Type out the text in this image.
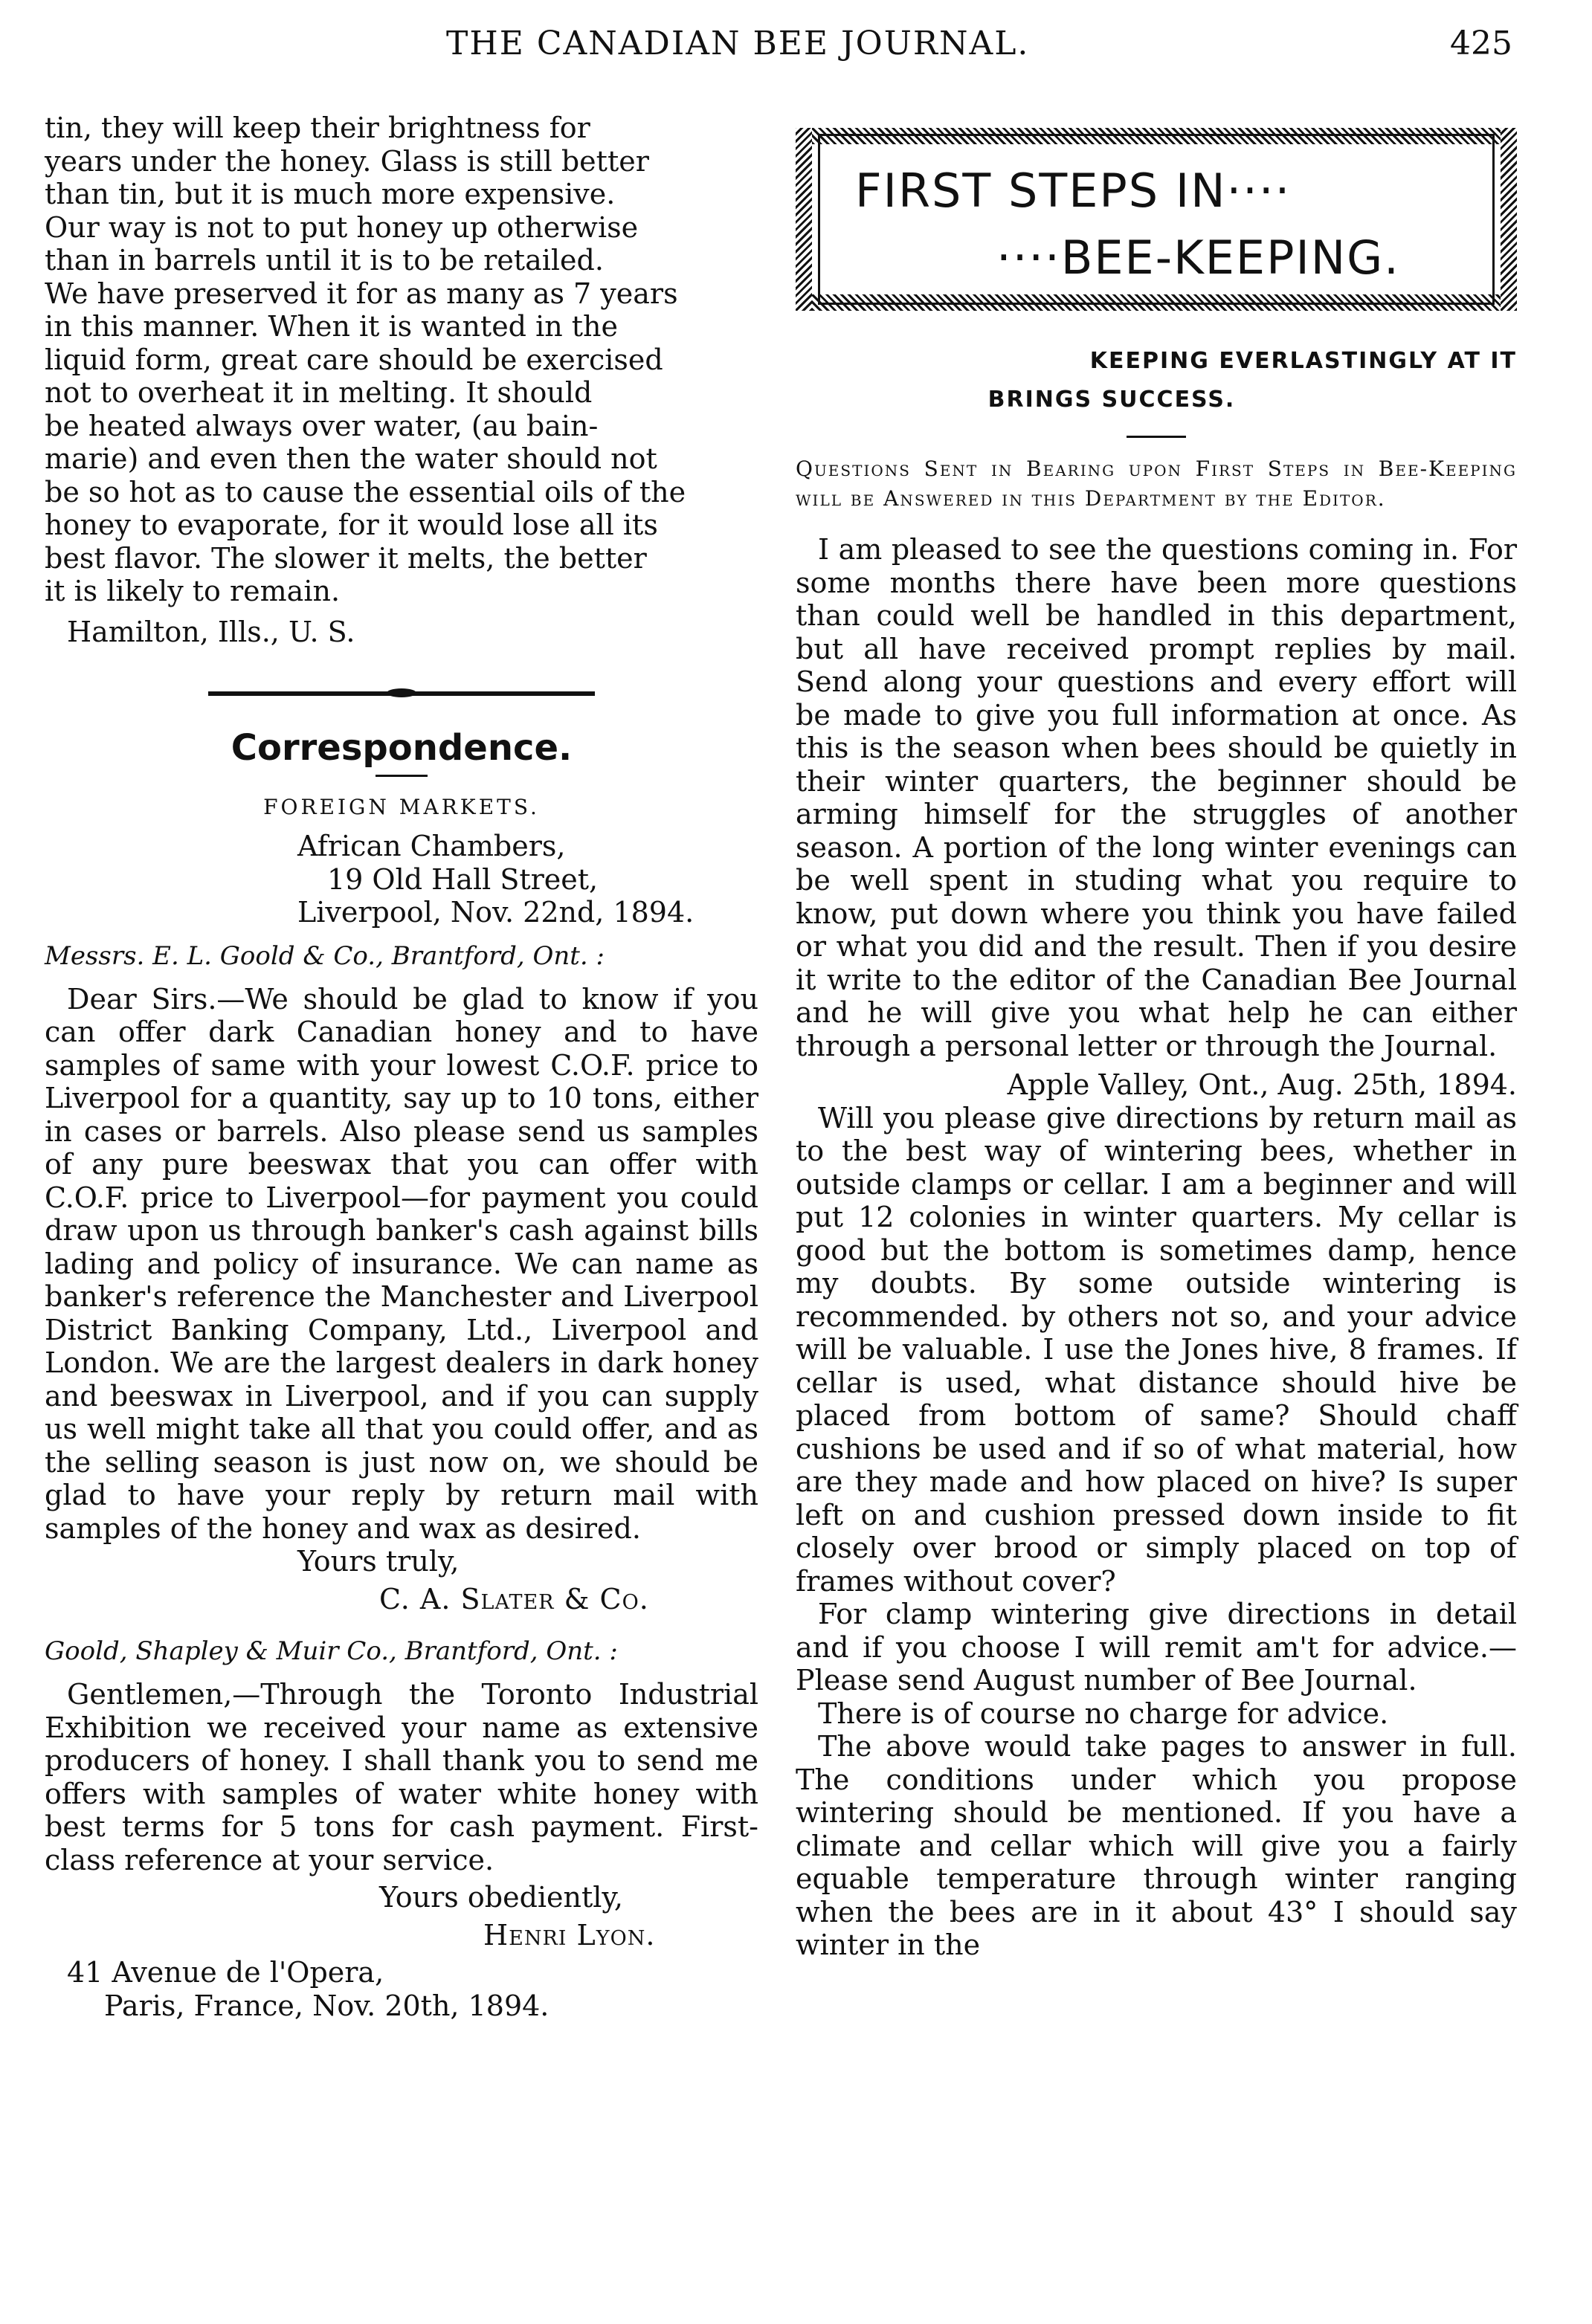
THE CANADIAN BEE JOURNAL.	425
tin, they will keep their brightness for
years under the honey. Glass is still better
than tin, but it is much more expensive.
Our way is not to put honey up otherwise
than in barrels until it is to be retailed.
We have preserved it for as many as 7 years
in this manner. When it is wanted in the
liquid form, great care should be exercised
not to overheat it in melting. It should
be heated always over water, (au bain-
marie) and even then the water should not
be so hot as to cause the essential oils of the
honey to evaporate, for it would lose all its
best flavor. The slower it melts, the better
it is likely to remain.
Hamilton, Ills., U. S.
Correspondence.
FOREIGN MARKETS.
African Chambers,
19 Old Hall Street,
Liverpool, Nov. 22nd, 1894.
Messrs. E. L. Goold & Co., Brantford, Ont. :

Dear Sirs.—We should be glad to know if you can offer dark Canadian honey and to have samples of same with your lowest C.O.F. price to Liverpool for a quantity, say up to 10 tons, either in cases or barrels. Also please send us samples of any pure beeswax that you can offer with C.O.F. price to Liverpool—for payment you could draw upon us through banker's cash against bills lading and policy of insurance. We can name as banker's reference the Manchester and Liverpool District Banking Company, Ltd., Liverpool and London. We are the largest dealers in dark honey and beeswax in Liverpool, and if you can supply us well might take all that you could offer, and as the selling season is just now on, we should be glad to have your reply by return mail with samples of the honey and wax as desired.

Yours truly,
C. A. Slater & Co.
Goold, Shapley & Muir Co., Brantford, Ont. :

Gentlemen,—Through the Toronto Industrial Exhibition we received your name as extensive producers of honey. I shall thank you to send me offers with samples of water white honey with best terms for 5 tons for cash payment. First-class reference at your service.

Yours obediently,
Henri Lyon.
41 Avenue de l'Opera,
Paris, France, Nov. 20th, 1894.
FIRST STEPS IN····
····BEE-KEEPING.

KEEPING EVERLASTINGLY AT IT

BRINGS SUCCESS.

Questions Sent in Bearing upon First Steps in Bee-Keeping will be Answered in this Department by the Editor.

I am pleased to see the questions coming in. For some months there have been more questions than could well be handled in this department, but all have received prompt replies by mail. Send along your questions and every effort will be made to give you full information at once. As this is the season when bees should be quietly in their winter quarters, the beginner should be arming himself for the struggles of another season. A portion of the long winter evenings can be well spent in studing what you require to know, put down where you think you have failed or what you did and the result. Then if you desire it write to the editor of the Canadian Bee Journal and he will give you what help he can either through a personal letter or through the Journal.

Apple Valley, Ont., Aug. 25th, 1894.

Will you please give directions by return mail as to the best way of wintering bees, whether in outside clamps or cellar. I am a beginner and will put 12 colonies in winter quarters. My cellar is good but the bottom is sometimes damp, hence my doubts. By some outside wintering is recommended. by others not so, and your advice will be valuable. I use the Jones hive, 8 frames. If cellar is used, what distance should hive be placed from bottom of same? Should chaff cushions be used and if so of what material, how are they made and how placed on hive? Is super left on and cushion pressed down inside to fit closely over brood or simply placed on top of frames without cover?

For clamp wintering give directions in detail and if you choose I will remit am't for advice.—Please send August number of Bee Journal.

There is of course no charge for advice.

The above would take pages to answer in full. The conditions under which you propose wintering should be mentioned. If you have a climate and cellar which will give you a fairly equable temperature through winter ranging when the bees are in it about 43° I should say winter in the
